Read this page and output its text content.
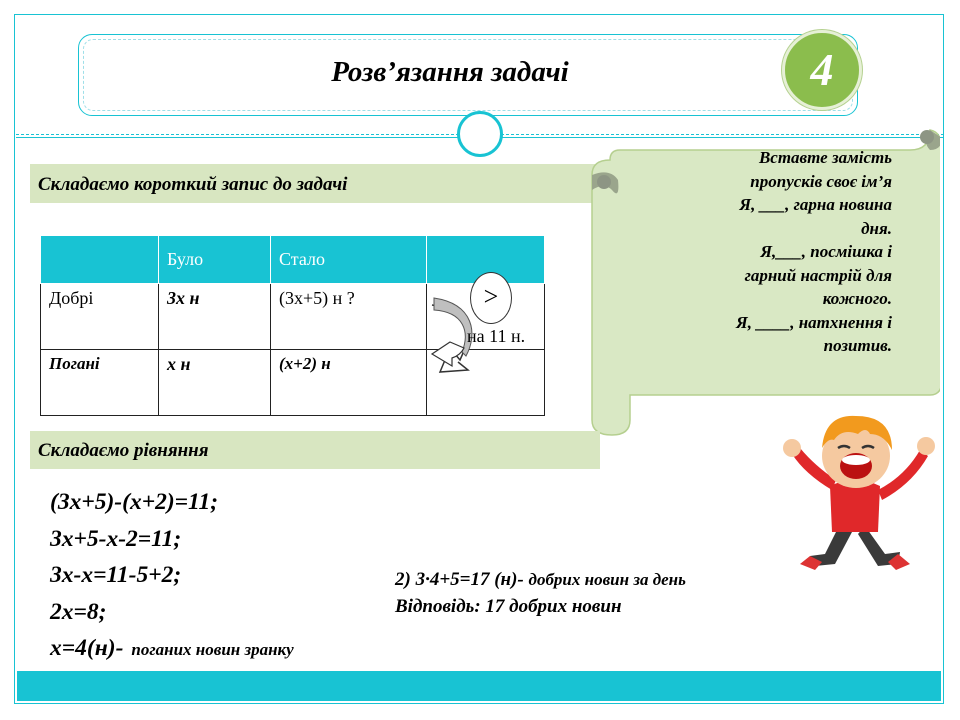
Розв’язання задачі	4
Складаємо короткий запис до задачі
	Було	Стало	
Добрі	3х н	(3х+5) н ?	
Погані	х н	(х+2) н	
>
на 11 н.
Вставте замість
пропусків своє ім’я
Я, ___, гарна новина
дня.
Я,___, посмішка і
гарний настрій для
кожного.
Я, ____, натхнення і
позитив.
Складаємо рівняння
(3х+5)-(х+2)=11;
3х+5-х-2=11;
3х-х=11-5+2;
2х=8;
х=4(н)- поганих новин зранку
2) 3∙4+5=17 (н)- добрих новин за день
Відповідь: 17 добрих новин
